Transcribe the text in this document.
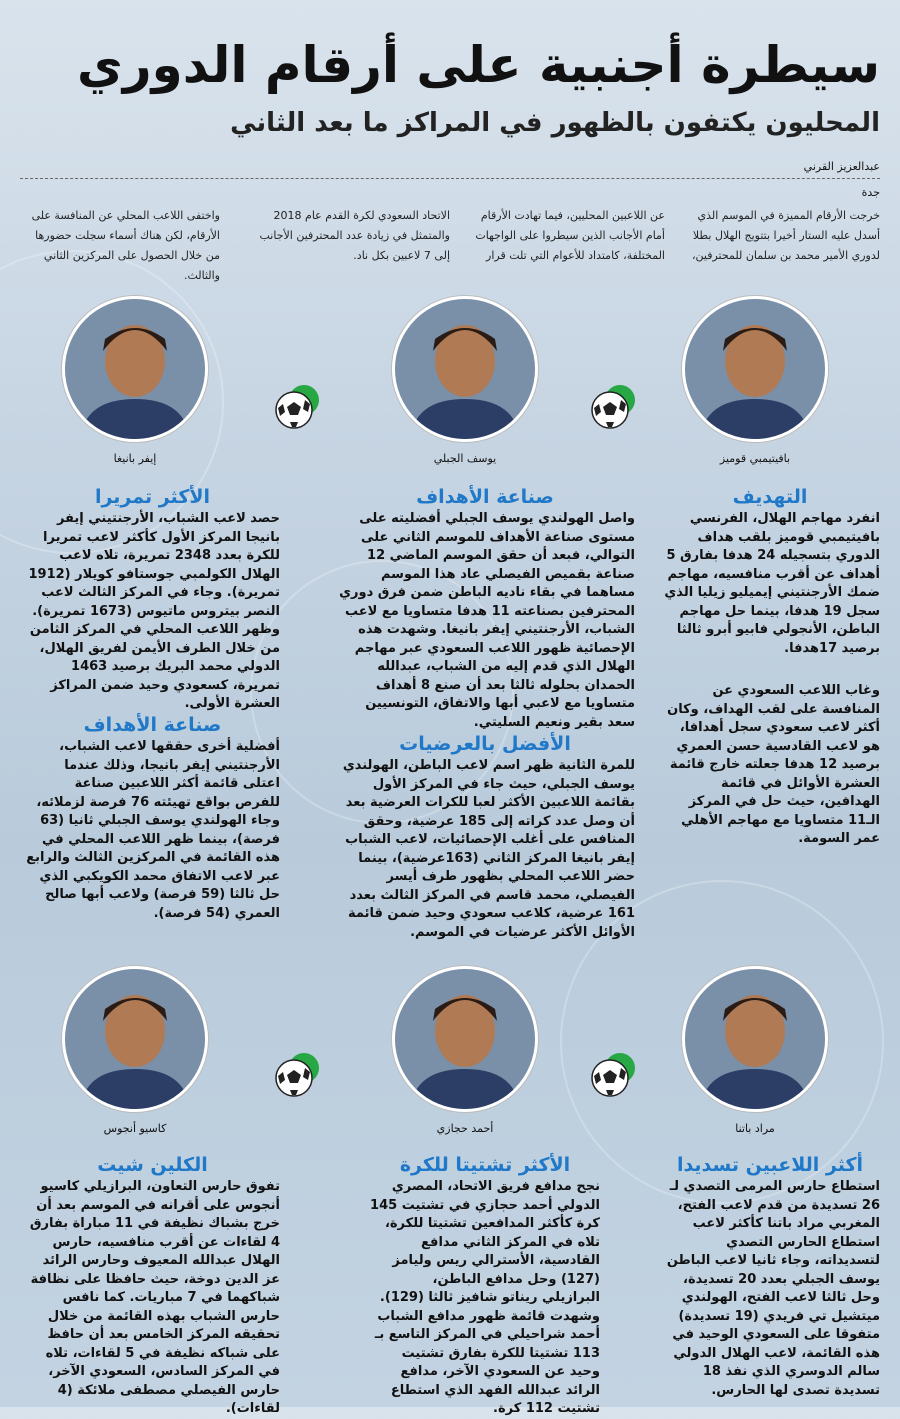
سيطرة أجنبية على أرقام الدوري
المحليون يكتفون بالظهور في المراكز ما بعد الثاني
عبدالعزيز القرني
جدة
خرجت الأرقام المميزة في الموسم الذي أسدل عليه الستار أخيرا بتتويج الهلال بطلا لدوري الأمير محمد بن سلمان للمحترفين،
عن اللاعبين المحليين، فيما تهادت الأرقام أمام الأجانب الذين سيطروا على الواجهات المختلفة، كامتداد للأعوام التي تلت قرار
الاتحاد السعودي لكرة القدم عام 2018 والمتمثل في زيادة عدد المحترفين الأجانب إلى 7 لاعبين بكل ناد.
واختفى اللاعب المحلي عن المنافسة على الأرقام، لكن هناك أسماء سجلت حضورها من خلال الحصول على المركزين الثاني والثالث.
بافيتيمبي قوميز
يوسف الجبلي
إيفر بانيغا
التهديف

انفرد مهاجم الهلال، الفرنسي بافيتيمبي قوميز بلقب هداف الدوري بتسجيله 24 هدفا بفارق 5 أهداف عن أقرب منافسيه، مهاجم ضمك الأرجنتيني إيميليو زيليا الذي سجل 19 هدفا، بينما حل مهاجم الباطن، الأنجولي فابيو أبرو ثالثا برصيد 17هدفا.

وغاب اللاعب السعودي عن المنافسة على لقب الهداف، وكان أكثر لاعب سعودي سجل أهدافا، هو لاعب القادسية حسن العمري برصيد 12 هدفا جعلته خارج قائمة العشرة الأوائل في قائمة الهدافين، حيث حل في المركز الـ11 متساويا مع مهاجم الأهلي عمر السومة.

صناعة الأهداف

واصل الهولندي يوسف الجبلي أفضليته على مستوى صناعة الأهداف للموسم الثاني على التوالي، فبعد أن حقق الموسم الماضي 12 صناعة بقميص الفيصلي عاد هذا الموسم مساهما في بقاء ناديه الباطن ضمن فرق دوري المحترفين بصناعته 11 هدفا متساويا مع لاعب الشباب، الأرجنتيني إيفر بانيغا. وشهدت هذه الإحصائية ظهور اللاعب السعودي عبر مهاجم الهلال الذي قدم إليه من الشباب، عبدالله الحمدان بحلوله ثالثا بعد أن صنع 8 أهداف متساويا مع لاعبي أبها والاتفاق، التونسيين سعد بقير ونعيم السليتي.

الأفضل بالعرضيات

للمرة الثانية ظهر اسم لاعب الباطن، الهولندي يوسف الجبلي، حيث جاء في المركز الأول بقائمة اللاعبين الأكثر لعبا للكرات العرضية بعد أن وصل عدد كراته إلى 185 عرضية، وحقق المنافس على أغلب الإحصائيات، لاعب الشباب إيفر بانيغا المركز الثاني (163عرضية)، بينما حضر اللاعب المحلي بظهور طرف أيسر الفيصلي، محمد قاسم في المركز الثالث بعدد 161 عرضية، كلاعب سعودي وحيد ضمن قائمة الأوائل الأكثر عرضيات في الموسم.

الأكثر تمريرا

حصد لاعب الشباب، الأرجنتيني إيفر بانيجا المركز الأول كأكثر لاعب تمريرا للكرة بعدد 2348 تمريرة، تلاه لاعب الهلال الكولمبي جوستافو كويلار (1912 تمريرة). وجاء في المركز الثالث لاعب النصر بيتروس ماتيوس (1673 تمريرة). وظهر اللاعب المحلي في المركز الثامن من خلال الطرف الأيمن لفريق الهلال، الدولي محمد البريك برصيد 1463 تمريرة، كسعودي وحيد ضمن المراكز العشرة الأولى.

صناعة الأهداف

أفضلية أخرى حققها لاعب الشباب، الأرجنتيني إيفر بانيجا، وذلك عندما اعتلى قائمة أكثر اللاعبين صناعة للفرص بواقع تهيئته 76 فرصة لزملائه، وجاء الهولندي يوسف الجبلي ثانيا (63 فرصة)، بينما ظهر اللاعب المحلي في هذه القائمة في المركزين الثالث والرابع عبر لاعب الاتفاق محمد الكويكبي الذي حل ثالثا (59 فرصة) ولاعب أبها صالح العمري (54 فرصة).

مراد باتنا
أحمد حجازي
كاسيو أنجوس
أكثر اللاعبين تسديدا

استطاع حارس المرمى التصدي لـ 26 تسديدة من قدم لاعب الفتح، المغربي مراد باتنا كأكثر لاعب استطاع الحارس التصدي لتسديداته، وجاء ثانيا لاعب الباطن يوسف الجبلي بعدد 20 تسديدة، وحل ثالثا لاعب الفتح، الهولندي ميتشيل تي فريدي (19 تسديدة) متفوقا على السعودي الوحيد في هذه القائمة، لاعب الهلال الدولي سالم الدوسري الذي نفذ 18 تسديدة تصدى لها الحارس.

الأكثر تشتيتا للكرة

نجح مدافع فريق الاتحاد، المصري الدولي أحمد حجازي في تشتيت 145 كرة كأكثر المدافعين تشتيتا للكرة، تلاه في المركز الثاني مدافع القادسية، الأسترالي ريس وليامز (127) وحل مدافع الباطن، البرازيلي ريناتو شافيز ثالثا (129). وشهدت قائمة ظهور مدافع الشباب أحمد شراحيلي في المركز التاسع بـ 113 تشتيتا للكرة بفارق تشتيت وحيد عن السعودي الآخر، مدافع الرائد عبدالله الفهد الذي استطاع تشتيت 112 كرة.

الكلين شيت

تفوق حارس التعاون، البرازيلي كاسيو أنجوس على أقرانه في الموسم بعد أن خرج بشباك نظيفة في 11 مباراة بفارق 4 لقاءات عن أقرب منافسيه، حارس الهلال عبدالله المعيوف وحارس الرائد عز الدين دوخة، حيث حافظا على نظافة شباكهما في 7 مباريات. كما نافس حارس الشباب بهذه القائمة من خلال تحقيقه المركز الخامس بعد أن حافظ على شباكه نظيفة في 5 لقاءات، تلاه في المركز السادس، السعودي الآخر، حارس الفيصلي مصطفى ملائكة (4 لقاءات).
